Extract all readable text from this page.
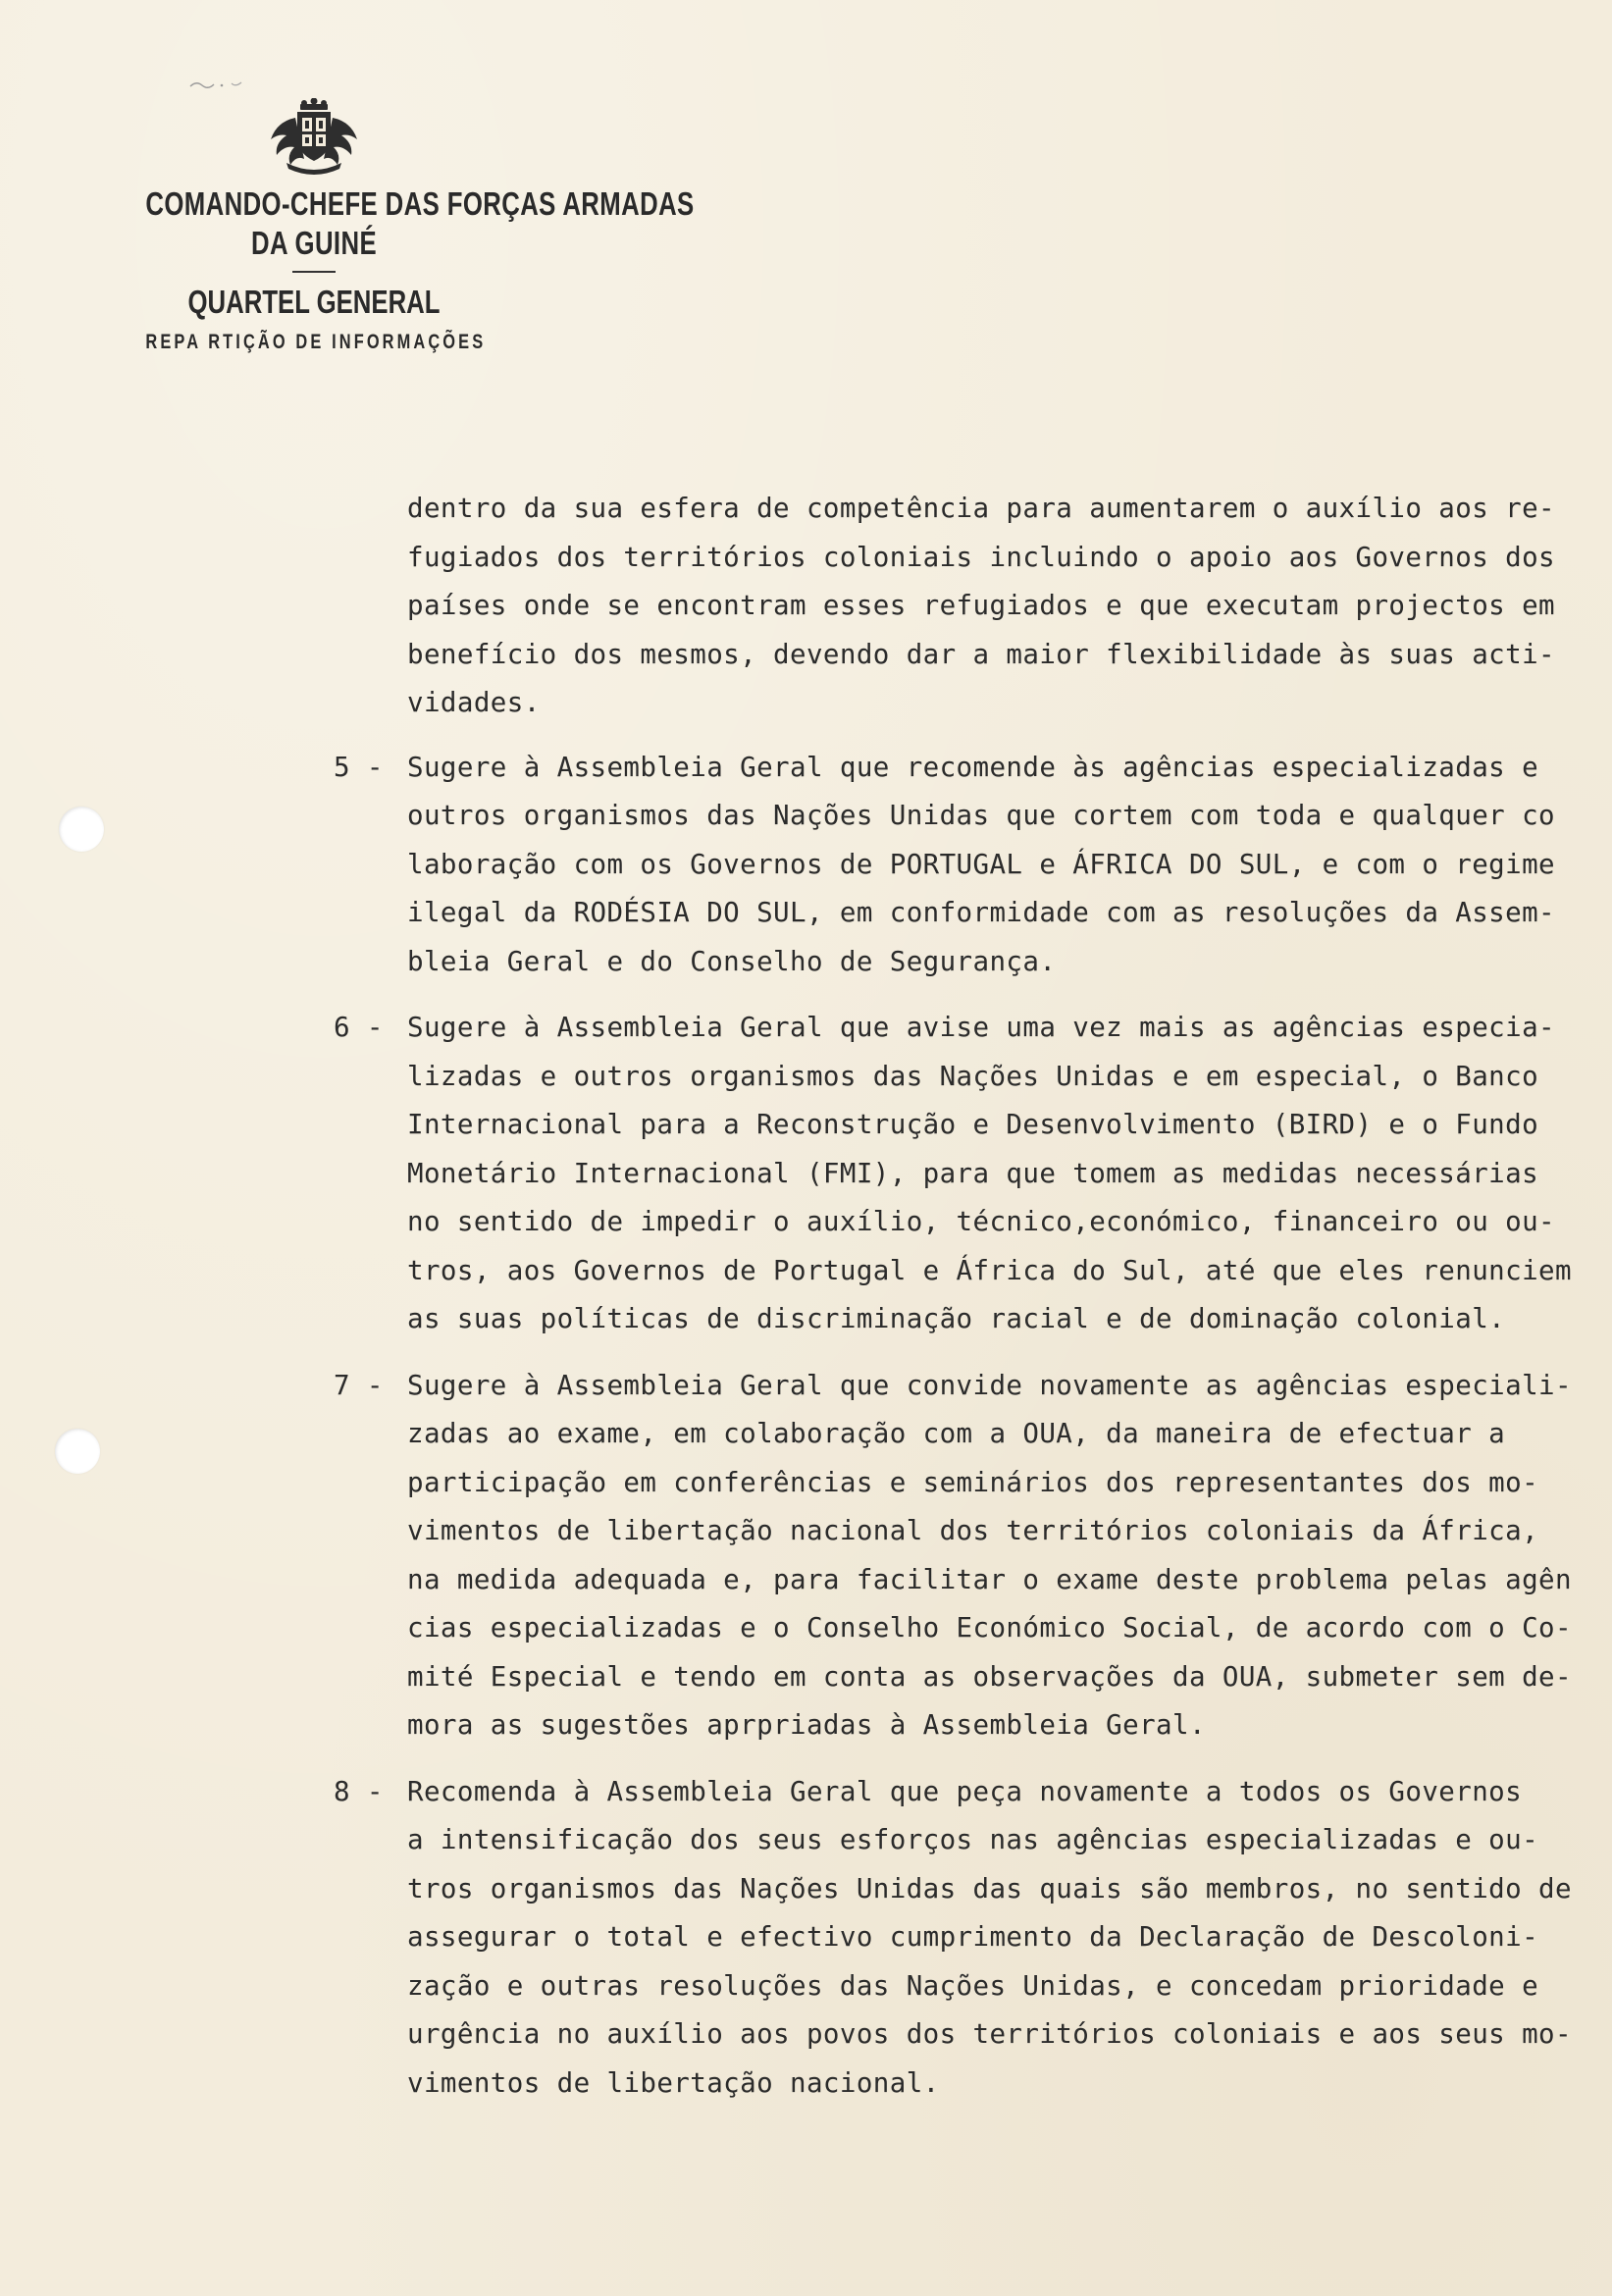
COMANDO-CHEFE DAS FORÇAS ARMADAS
DA GUINÉ
QUARTEL GENERAL
REPA RTIÇÃO DE INFORMAÇÕES
dentro da sua esfera de competência para aumentarem o auxílio aos re-
fugiados dos territórios coloniais incluindo o apoio aos Governos dos
países onde se encontram esses refugiados e que executam projectos em
benefício dos mesmos, devendo dar a maior flexibilidade às suas acti-
vidades.
5 - Sugere à Assembleia Geral que recomende às agências especializadas e
outros organismos das Nações Unidas que cortem com toda e qualquer co
laboração com os Governos de PORTUGAL e ÁFRICA DO SUL, e com o regime
ilegal da RODÉSIA DO SUL, em conformidade com as resoluções da Assem-
bleia Geral e do Conselho de Segurança.
6 - Sugere à Assembleia Geral que avise uma vez mais as agências especia-
lizadas e outros organismos das Nações Unidas e em especial, o Banco
Internacional para a Reconstrução e Desenvolvimento (BIRD) e o Fundo
Monetário Internacional (FMI), para que tomem as medidas necessárias
no sentido de impedir o auxílio, técnico,económico, financeiro ou ou-
tros, aos Governos de Portugal e África do Sul, até que eles renunciem
as suas políticas de discriminação racial e de dominação colonial.
7 - Sugere à Assembleia Geral que convide novamente as agências especiali-
zadas ao exame, em colaboração com a OUA, da maneira de efectuar a
participação em conferências e seminários dos representantes dos mo-
vimentos de libertação nacional dos territórios coloniais da África,
na medida adequada e, para facilitar o exame deste problema pelas agên
cias especializadas e o Conselho Económico Social, de acordo com o Co-
mité Especial e tendo em conta as observações da OUA, submeter sem de-
mora as sugestões aprpriadas à Assembleia Geral.
8 - Recomenda à Assembleia Geral que peça novamente a todos os Governos
a intensificação dos seus esforços nas agências especializadas e ou-
tros organismos das Nações Unidas das quais são membros, no sentido de
assegurar o total e efectivo cumprimento da Declaração de Descoloni-
zação e outras resoluções das Nações Unidas, e concedam prioridade e
urgência no auxílio aos povos dos territórios coloniais e aos seus mo-
vimentos de libertação nacional.
